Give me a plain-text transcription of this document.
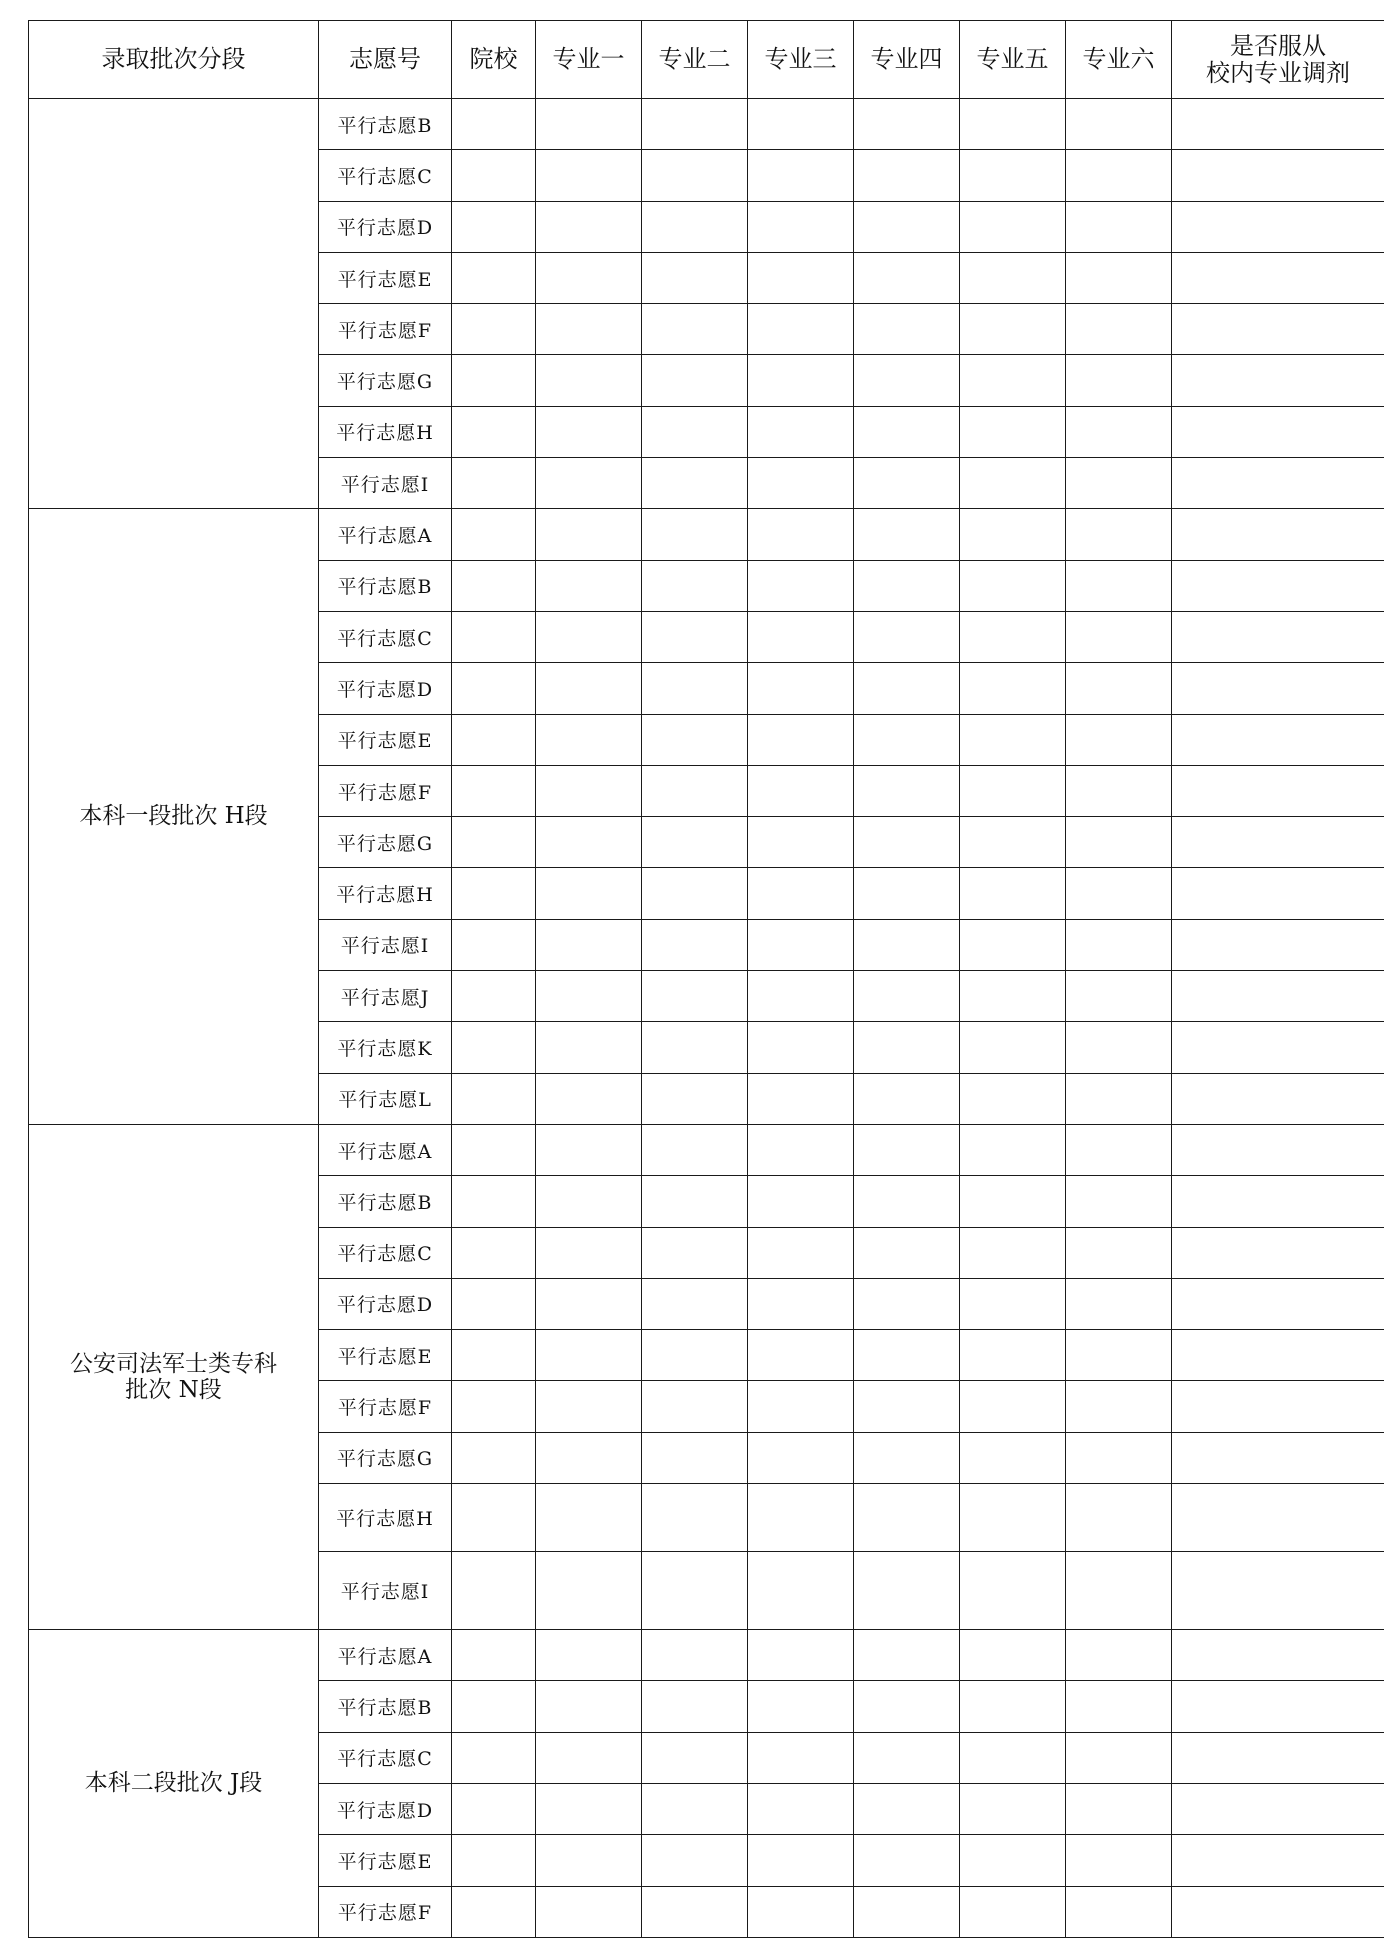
录取批次分段	志愿号	院校	专业一	专业二	专业三	专业四	专业五	专业六	是否服从
校内专业调剂
	平行志愿B								
	平行志愿C								
	平行志愿D								
	平行志愿E								
	平行志愿F								
	平行志愿G								
	平行志愿H								
	平行志愿I								
本科一段批次 H段	平行志愿A								
	平行志愿B								
	平行志愿C								
	平行志愿D								
	平行志愿E								
	平行志愿F								
	平行志愿G								
	平行志愿H								
	平行志愿I								
	平行志愿J								
	平行志愿K								
	平行志愿L								
公安司法军士类专科
批次 N段	平行志愿A								
	平行志愿B								
	平行志愿C								
	平行志愿D								
	平行志愿E								
	平行志愿F								
	平行志愿G								
	平行志愿H								
	平行志愿I								
本科二段批次 J段	平行志愿A								
	平行志愿B								
	平行志愿C								
	平行志愿D								
	平行志愿E								
	平行志愿F								
